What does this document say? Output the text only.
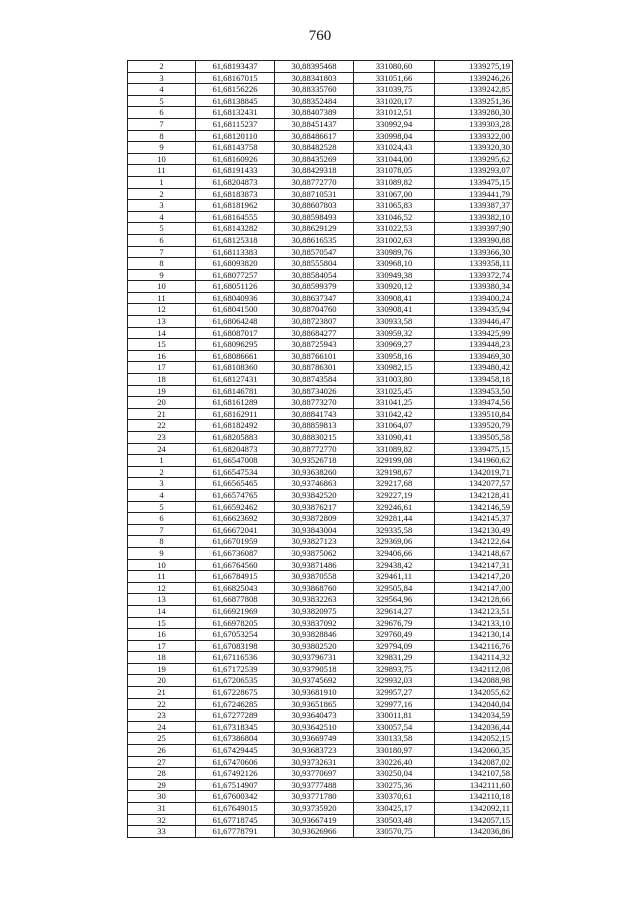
760
2	61,68193437	30,88395468	331080,60	1339275,19
3	61,68167015	30,88341803	331051,66	1339246,26
4	61,68156226	30,88335760	331039,75	1339242,85
5	61,68138845	30,88352484	331020,17	1339251,36
6	61,68132431	30,88407389	331012,51	1339280,30
7	61,68115237	30,88451437	330992,94	1339303,28
8	61,68120110	30,88486617	330998,04	1339322,00
9	61,68143758	30,88482528	331024,43	1339320,30
10	61,68160926	30,88435269	331044,00	1339295,62
11	61,68191433	30,88429318	331078,05	1339293,07
1	61,68204873	30,88772770	331089,82	1339475,15
2	61,68183873	30,88710531	331067,00	1339441,79
3	61,68181962	30,88607803	331065,83	1339387,37
4	61,68164555	30,88598493	331046,52	1339382,10
5	61,68143282	30,88629129	331022,53	1339397,90
6	61,68125318	30,88616535	331002,63	1339390,88
7	61,68113383	30,88570547	330989,76	1339366,30
8	61,68093820	30,88555804	330968,10	1339358,11
9	61,68077257	30,88584054	330949,38	1339372,74
10	61,68051126	30,88599379	330920,12	1339380,34
11	61,68040936	30,88637347	330908,41	1339400,24
12	61,68041500	30,88704760	330908,41	1339435,94
13	61,68064248	30,88723807	330933,58	1339446,47
14	61,68087017	30,88684277	330959,32	1339425,99
15	61,68096295	30,88725943	330969,27	1339448,23
16	61,68086661	30,88766101	330958,16	1339469,30
17	61,68108360	30,88786301	330982,15	1339480,42
18	61,68127431	30,88743584	331003,80	1339458,18
19	61,68146781	30,88734026	331025,45	1339453,50
20	61,68161289	30,88773270	331041,25	1339474,56
21	61,68162911	30,88841743	331042,42	1339510,84
22	61,68182492	30,88859813	331064,07	1339520,79
23	61,68205883	30,88830215	331090,41	1339505,58
24	61,68204873	30,88772770	331089,82	1339475,15
1	61,66547008	30,93526718	329199,08	1341960,62
2	61,66547534	30,93638260	329198,67	1342019,71
3	61,66565465	30,93746863	329217,68	1342077,57
4	61,66574765	30,93842520	329227,19	1342128,41
5	61,66592462	30,93876217	329246,61	1342146,59
6	61,66623692	30,93872809	329281,44	1342145,37
7	61,66672041	30,93843004	329335,58	1342130,49
8	61,66701959	30,93827123	329369,06	1342122,64
9	61,66736087	30,93875062	329406,66	1342148,67
10	61,66764560	30,93871486	329438,42	1342147,31
11	61,66784915	30,93870558	329461,11	1342147,20
12	61,66825043	30,93868760	329505,84	1342147,00
13	61,66877808	30,93832263	329564,96	1342128,66
14	61,66921969	30,93820975	329614,27	1342123,51
15	61,66978205	30,93837092	329676,79	1342133,10
16	61,67053254	30,93828846	329760,49	1342130,14
17	61,67083198	30,93802520	329794,09	1342116,76
18	61,67116536	30,93796731	329831,29	1342114,32
19	61,67172539	30,93790518	329893,75	1342112,08
20	61,67206535	30,93745692	329932,03	1342088,98
21	61,67228675	30,93681910	329957,27	1342055,62
22	61,67246285	30,93651865	329977,16	1342040,04
23	61,67277289	30,93640473	330011,81	1342034,59
24	61,67318345	30,93642510	330057,54	1342036,44
25	61,67386804	30,93669749	330133,58	1342052,15
26	61,67429445	30,93683723	330180,97	1342060,35
27	61,67470606	30,93732631	330226,40	1342087,02
28	61,67492126	30,93770697	330250,04	1342107,58
29	61,67514907	30,93777488	330275,36	1342111,60
30	61,67600342	30,93771780	330370,61	1342110,18
31	61,67649015	30,93735920	330425,17	1342092,11
32	61,67718745	30,93667419	330503,48	1342057,15
33	61,67778791	30,93626966	330570,75	1342036,86
